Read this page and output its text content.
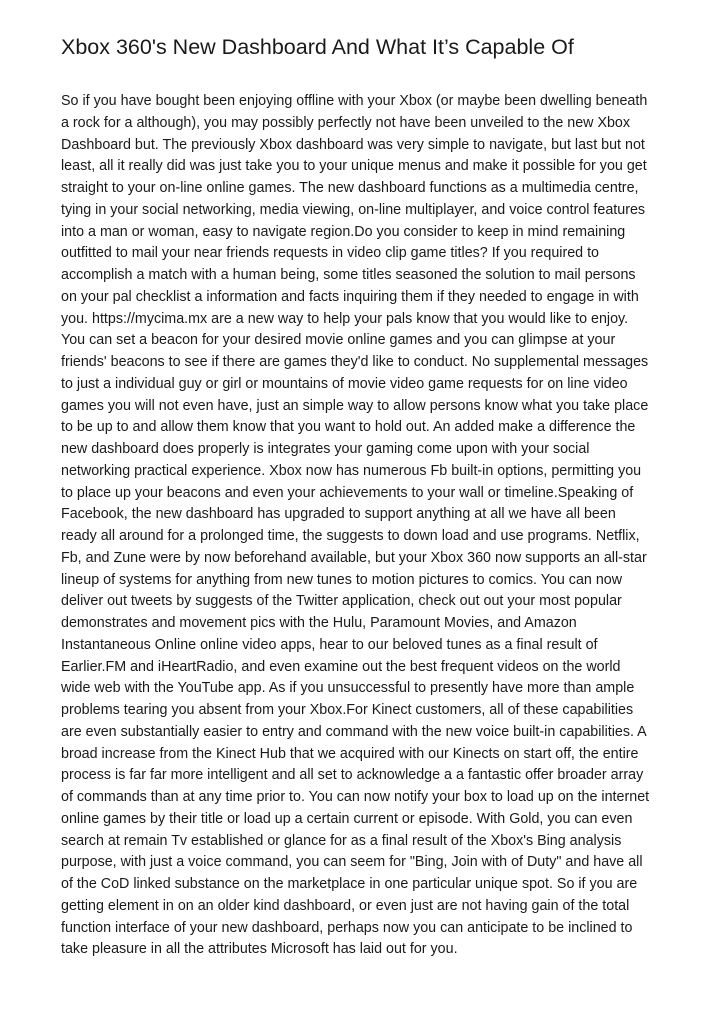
Xbox 360's New Dashboard And What It’s Capable Of
So if you have bought been enjoying offline with your Xbox (or maybe been dwelling beneath
a rock for a although), you may possibly perfectly not have been unveiled to the new Xbox
Dashboard but. The previously Xbox dashboard was very simple to navigate, but last but not
least, all it really did was just take you to your unique menus and make it possible for you get
straight to your on-line online games. The new dashboard functions as a multimedia centre,
tying in your social networking, media viewing, on-line multiplayer, and voice control features
into a man or woman, easy to navigate region.Do you consider to keep in mind remaining
outfitted to mail your near friends requests in video clip game titles? If you required to
accomplish a match with a human being, some titles seasoned the solution to mail persons
on your pal checklist a information and facts inquiring them if they needed to engage in with
you. https://mycima.mx are a new way to help your pals know that you would like to enjoy.
You can set a beacon for your desired movie online games and you can glimpse at your
friends' beacons to see if there are games they'd like to conduct. No supplemental messages
to just a individual guy or girl or mountains of movie video game requests for on line video
games you will not even have, just an simple way to allow persons know what you take place
to be up to and allow them know that you want to hold out. An added make a difference the
new dashboard does properly is integrates your gaming come upon with your social
networking practical experience. Xbox now has numerous Fb built-in options, permitting you
to place up your beacons and even your achievements to your wall or timeline.Speaking of
Facebook, the new dashboard has upgraded to support anything at all we have all been
ready all around for a prolonged time, the suggests to down load and use programs. Netflix,
Fb, and Zune were by now beforehand available, but your Xbox 360 now supports an all-star
lineup of systems for anything from new tunes to motion pictures to comics. You can now
deliver out tweets by suggests of the Twitter application, check out out your most popular
demonstrates and movement pics with the Hulu, Paramount Movies, and Amazon
Instantaneous Online online video apps, hear to our beloved tunes as a final result of
Earlier.FM and iHeartRadio, and even examine out the best frequent videos on the world
wide web with the YouTube app. As if you unsuccessful to presently have more than ample
problems tearing you absent from your Xbox.For Kinect customers, all of these capabilities
are even substantially easier to entry and command with the new voice built-in capabilities. A
broad increase from the Kinect Hub that we acquired with our Kinects on start off, the entire
process is far far more intelligent and all set to acknowledge a a fantastic offer broader array
of commands than at any time prior to. You can now notify your box to load up on the internet
online games by their title or load up a certain current or episode. With Gold, you can even
search at remain Tv established or glance for as a final result of the Xbox's Bing analysis
purpose, with just a voice command, you can seem for "Bing, Join with of Duty" and have all
of the CoD linked substance on the marketplace in one particular unique spot. So if you are
getting element in on an older kind dashboard, or even just are not having gain of the total
function interface of your new dashboard, perhaps now you can anticipate to be inclined to
take pleasure in all the attributes Microsoft has laid out for you.
